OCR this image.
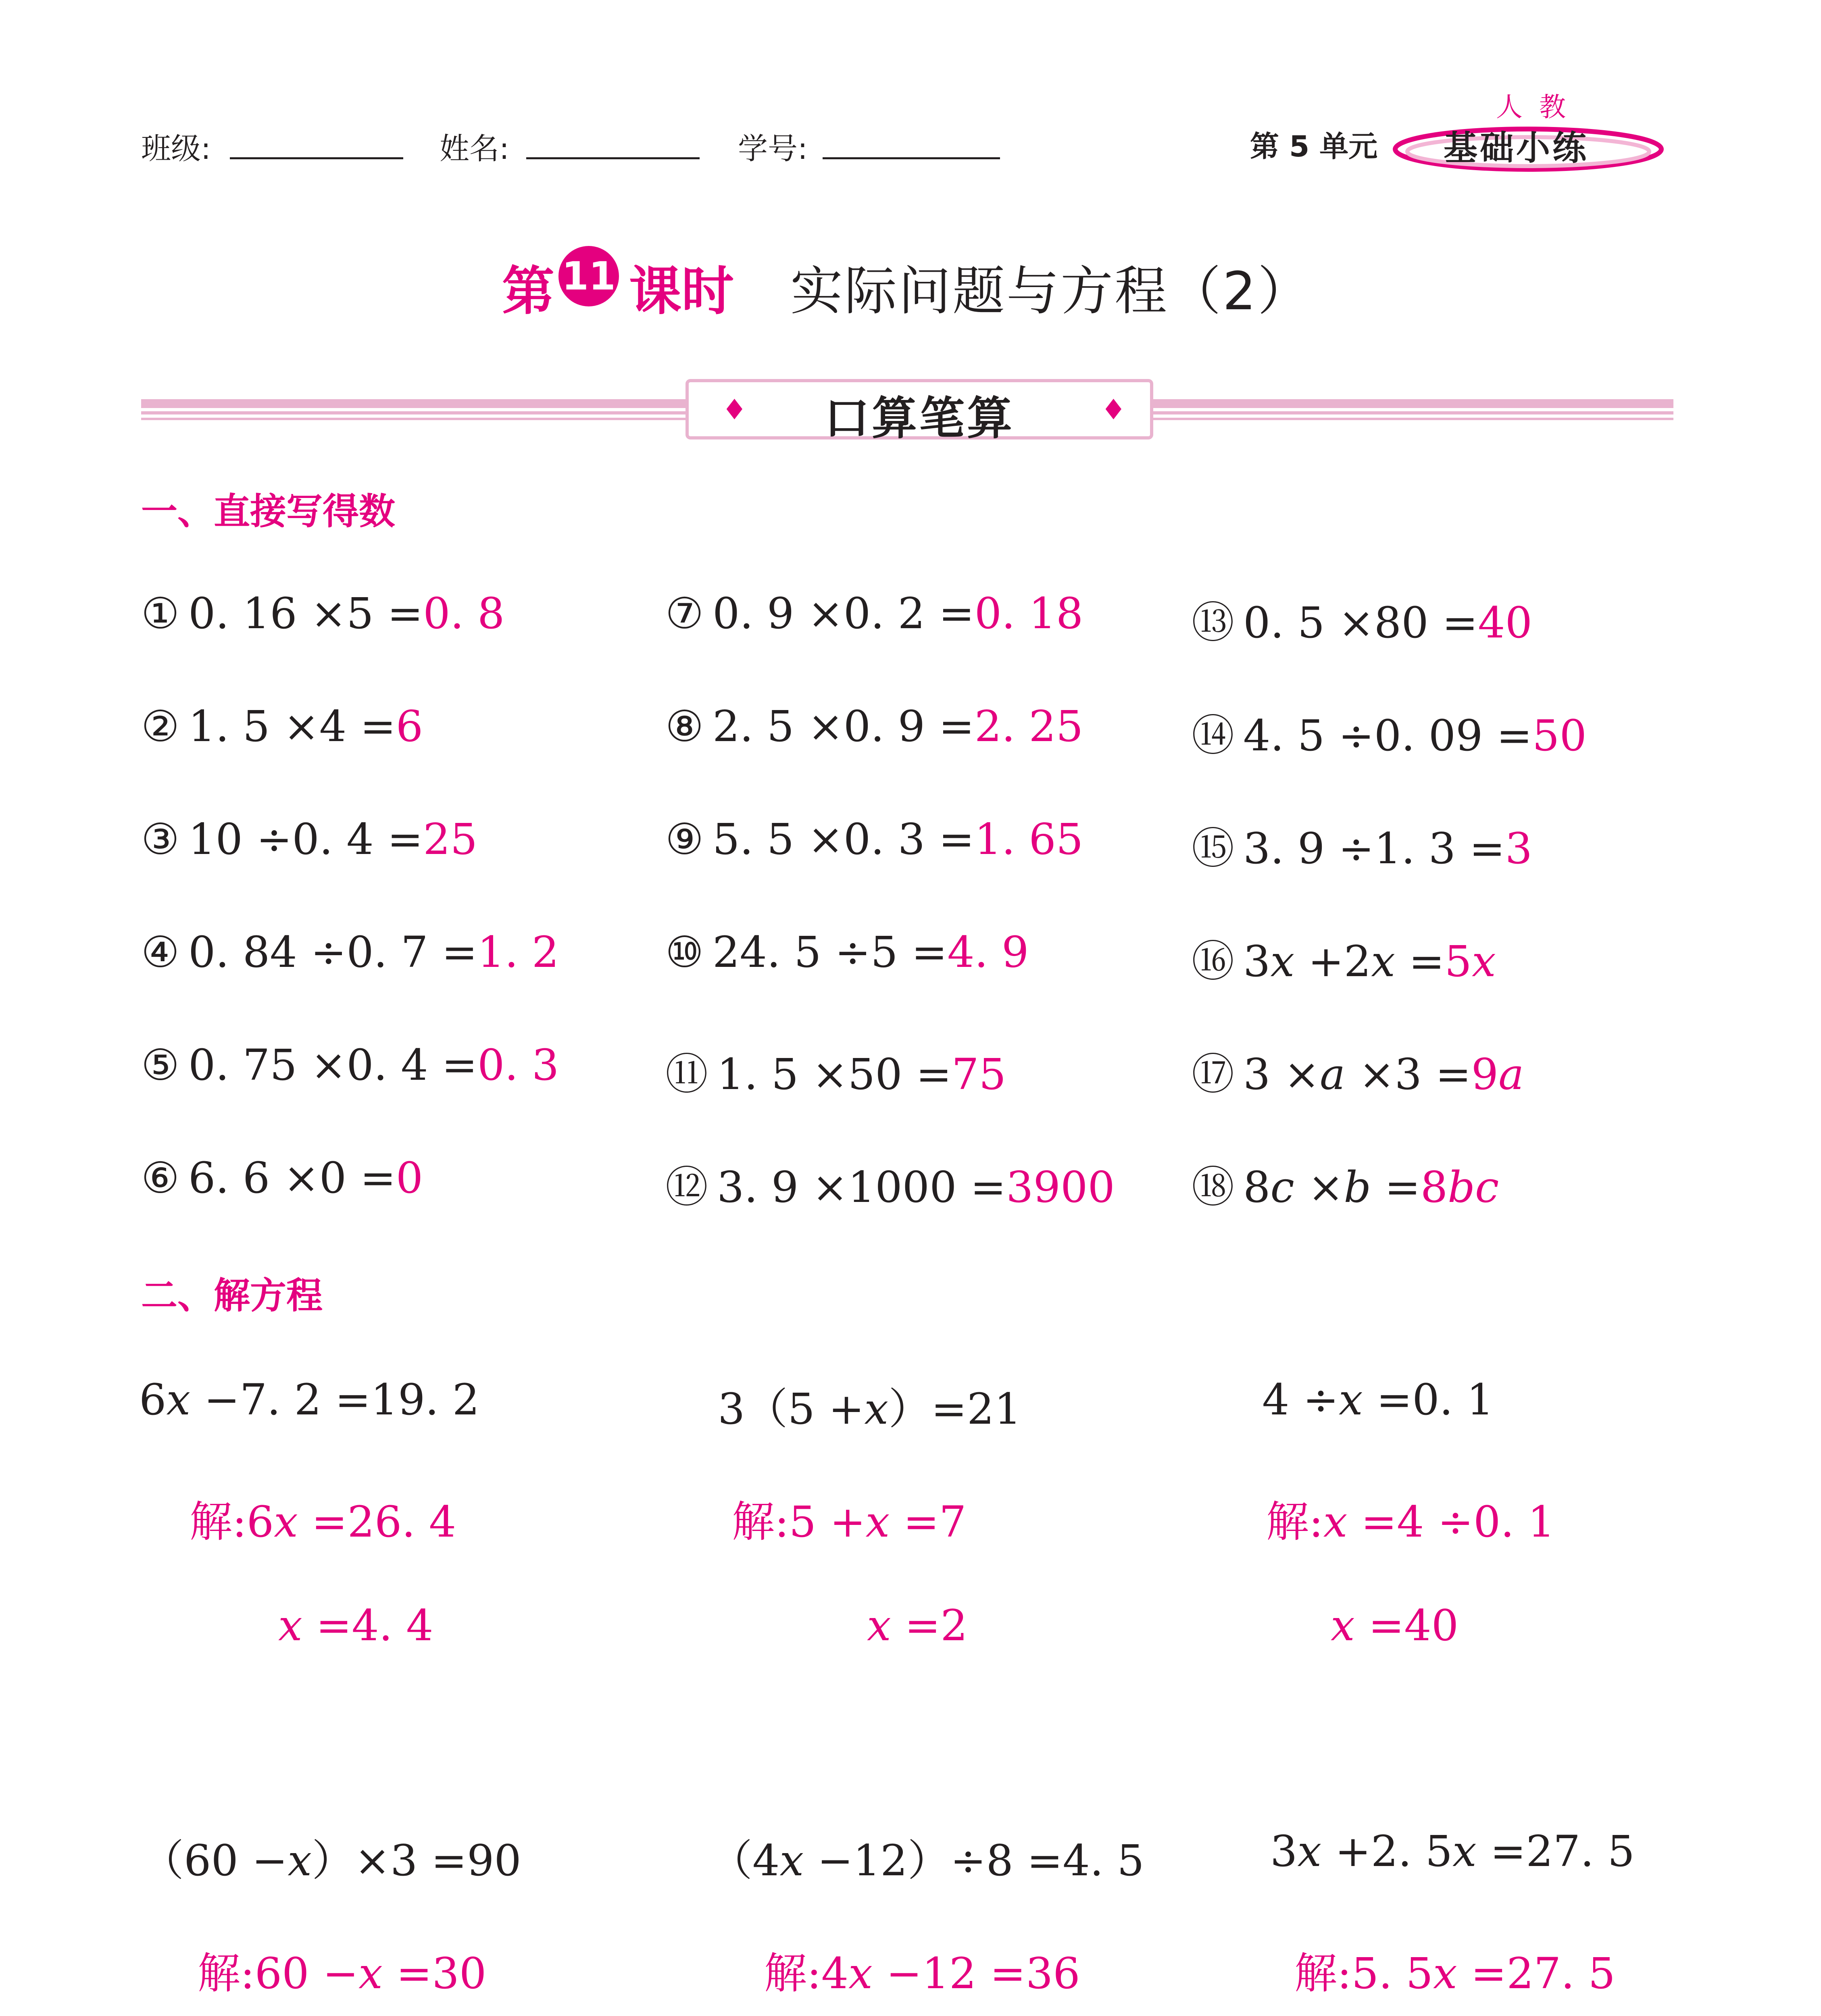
班级:	姓名:	学号:	第 5 单元
人 教
基础小练
第 11 课时 实际问题与方程（2）
♦	口算笔算	♦
一、直接写得数
① 0. 16 ×5 =0. 8
② 1. 5 ×4 =6
③ 10 ÷0. 4 =25
④ 0. 84 ÷0. 7 =1. 2
⑤ 0. 75 ×0. 4 =0. 3
⑥ 6. 6 ×0 =0
⑦ 0. 9 ×0. 2 =0. 18
⑧ 2. 5 ×0. 9 =2. 25
⑨ 5. 5 ×0. 3 =1. 65
⑩ 24. 5 ÷5 =4. 9
⑪ 1. 5 ×50 =75
⑫ 3. 9 ×1000 =3900
⑬ 0. 5 ×80 =40
⑭ 4. 5 ÷0. 09 =50
⑮ 3. 9 ÷1. 3 =3
⑯ 3x +2x =5x
⑰ 3 ×a ×3 =9a
⑱ 8c ×b =8bc
二、解方程
6x −7. 2 =19. 2
解:6x =26. 4
x =4. 4
3（5 +x）=21
解:5 +x =7
x =2
4 ÷x =0. 1
解:x =4 ÷0. 1
x =40
（60 −x）×3 =90
解:60 −x =30
（4x −12）÷8 =4. 5
解:4x −12 =36
3x +2. 5x =27. 5
解:5. 5x =27. 5
